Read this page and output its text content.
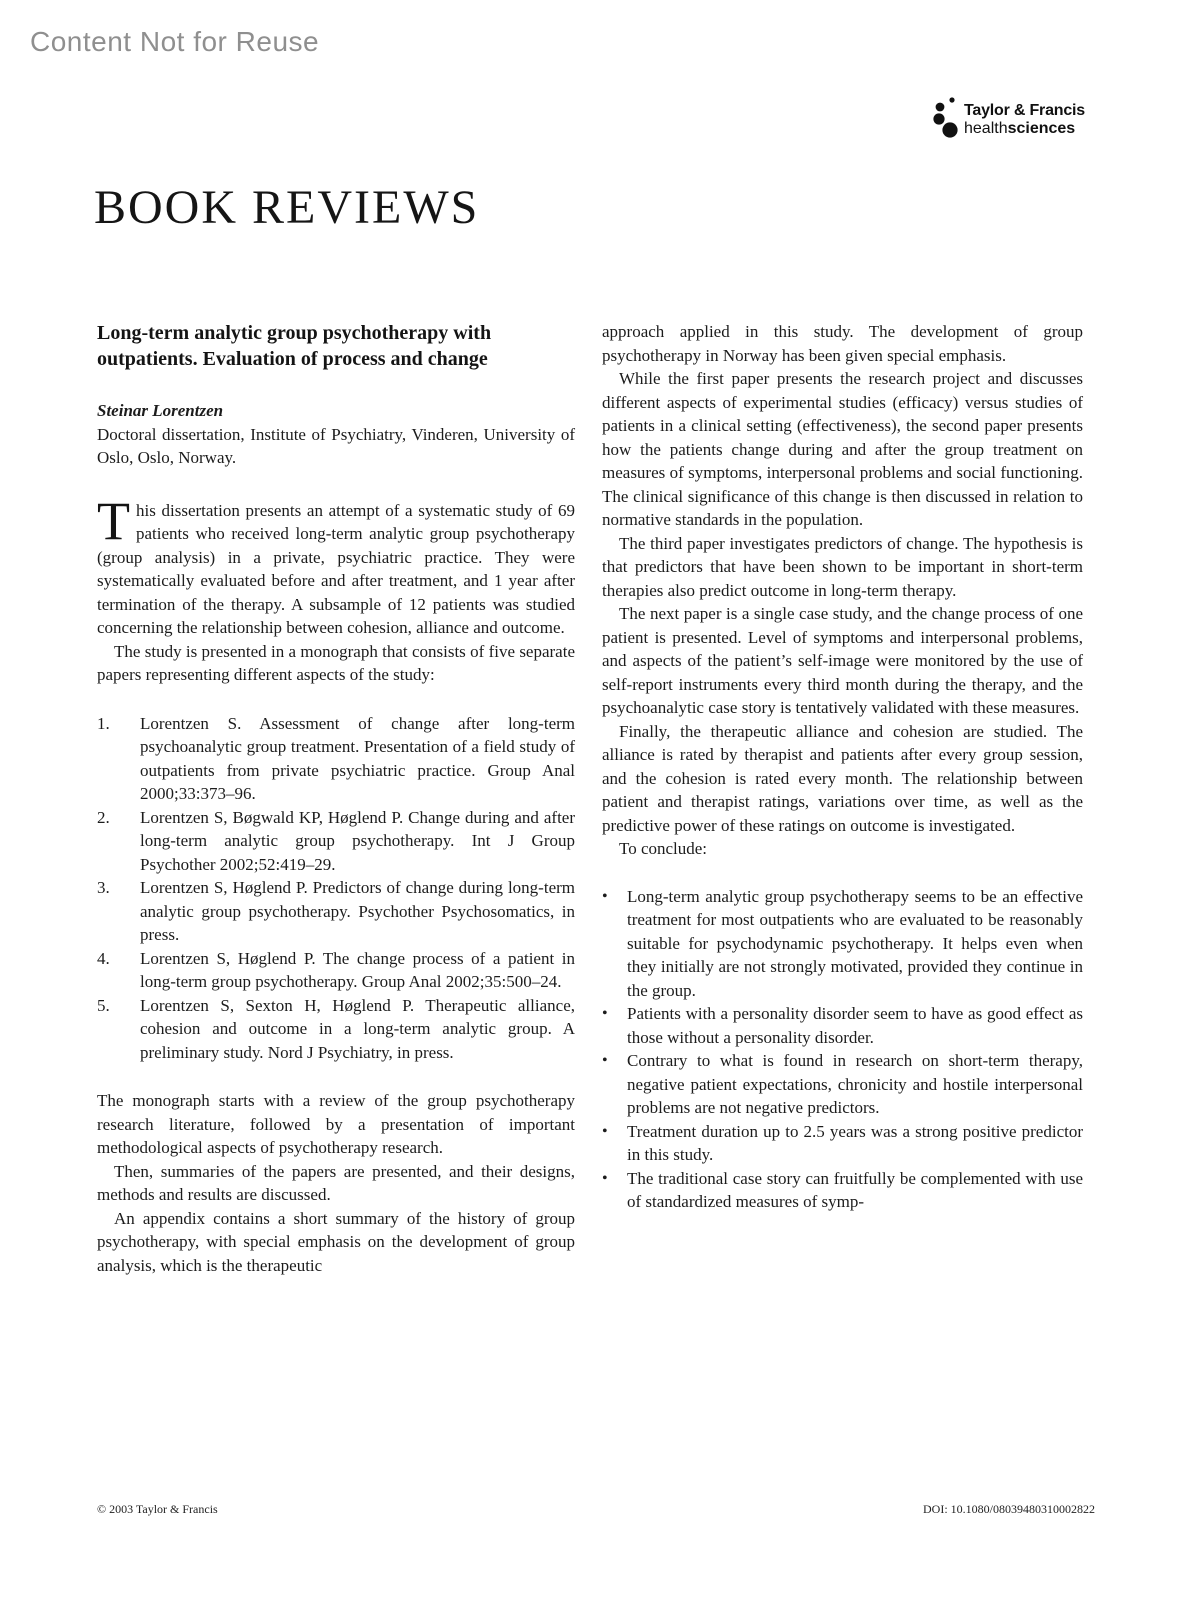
Content Not for Reuse
Taylor & Francis
healthsciences
BOOK REVIEWS
Long-term analytic group psychotherapy with outpatients. Evaluation of process and change

Steinar Lorentzen

Doctoral dissertation, Institute of Psychiatry, Vinderen, University of Oslo, Oslo, Norway.

This dissertation presents an attempt of a systematic study of 69 patients who received long-term analytic group psychotherapy (group analysis) in a private, psychiatric practice. They were systematically evaluated before and after treatment, and 1 year after termination of the therapy. A subsample of 12 patients was studied concerning the relationship between cohesion, alliance and outcome.

The study is presented in a monograph that consists of five separate papers representing different aspects of the study:

1.	Lorentzen S. Assessment of change after long-term psychoanalytic group treatment. Presentation of a field study of outpatients from private psychiatric practice. Group Anal 2000;33:373–96.
2.	Lorentzen S, Bøgwald KP, Høglend P. Change during and after long-term analytic group psychotherapy. Int J Group Psychother 2002;52:419–29.
3.	Lorentzen S, Høglend P. Predictors of change during long-term analytic group psychotherapy. Psychother Psychosomatics, in press.
4.	Lorentzen S, Høglend P. The change process of a patient in long-term group psychotherapy. Group Anal 2002;35:500–24.
5.	Lorentzen S, Sexton H, Høglend P. Therapeutic alliance, cohesion and outcome in a long-term analytic group. A preliminary study. Nord J Psychiatry, in press.

The monograph starts with a review of the group psychotherapy research literature, followed by a presentation of important methodological aspects of psychotherapy research.

Then, summaries of the papers are presented, and their designs, methods and results are discussed.

An appendix contains a short summary of the history of group psychotherapy, with special emphasis on the development of group analysis, which is the therapeutic

approach applied in this study. The development of group psychotherapy in Norway has been given special emphasis.

While the first paper presents the research project and discusses different aspects of experimental studies (efficacy) versus studies of patients in a clinical setting (effectiveness), the second paper presents how the patients change during and after the group treatment on measures of symptoms, interpersonal problems and social functioning. The clinical significance of this change is then discussed in relation to normative standards in the population.

The third paper investigates predictors of change. The hypothesis is that predictors that have been shown to be important in short-term therapies also predict outcome in long-term therapy.

The next paper is a single case study, and the change process of one patient is presented. Level of symptoms and interpersonal problems, and aspects of the patient’s self-image were monitored by the use of self-report instruments every third month during the therapy, and the psychoanalytic case story is tentatively validated with these measures.

Finally, the therapeutic alliance and cohesion are studied. The alliance is rated by therapist and patients after every group session, and the cohesion is rated every month. The relationship between patient and therapist ratings, variations over time, as well as the predictive power of these ratings on outcome is investigated.

To conclude:

•	Long-term analytic group psychotherapy seems to be an effective treatment for most outpatients who are evaluated to be reasonably suitable for psychodynamic psychotherapy. It helps even when they initially are not strongly motivated, provided they continue in the group.
•	Patients with a personality disorder seem to have as good effect as those without a personality disorder.
•	Contrary to what is found in research on short-term therapy, negative patient expectations, chronicity and hostile interpersonal problems are not negative predictors.
•	Treatment duration up to 2.5 years was a strong positive predictor in this study.
•	The traditional case story can fruitfully be complemented with use of standardized measures of symp-
© 2003 Taylor & Francis	DOI: 10.1080/08039480310002822
